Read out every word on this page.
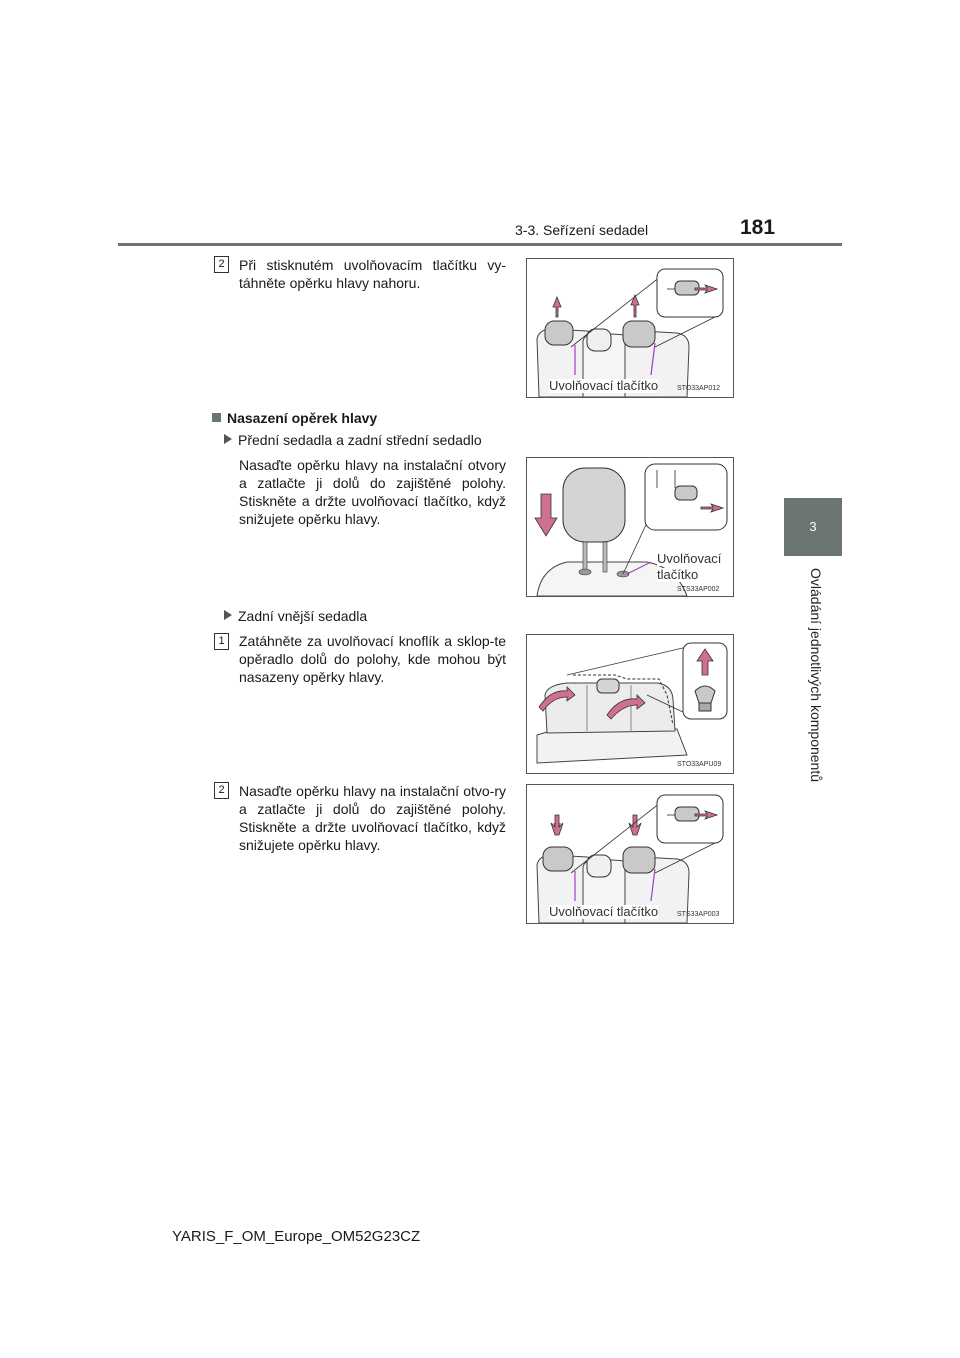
3-3. Seřízení sedadel	181
3
Ovládání jednotlivých komponentů
2	Při stisknutém uvolňovacím tlačítku vy-táhněte opěrku hlavy nahoru.
Uvolňovací tlačítko	STO33AP012
Nasazení opěrek hlavy
Přední sedadla a zadní střední sedadlo
Nasaďte opěrku hlavy na instalační otvory a zatlačte ji dolů do zajištěné polohy. Stiskněte a držte uvolňovací tlačítko, když snižujete opěrku hlavy.
Uvolňovací
tlačítko
STS33AP002
Zadní vnější sedadla
1	Zatáhněte za uvolňovací knoflík a sklop-te opěradlo dolů do polohy, kde mohou být nasazeny opěrky hlavy.
STO33APU09
2	Nasaďte opěrku hlavy na instalační otvo-ry a zatlačte ji dolů do zajištěné polohy. Stiskněte a držte uvolňovací tlačítko, když snižujete opěrku hlavy.
Uvolňovací tlačítko	STS33AP003
YARIS_F_OM_Europe_OM52G23CZ
